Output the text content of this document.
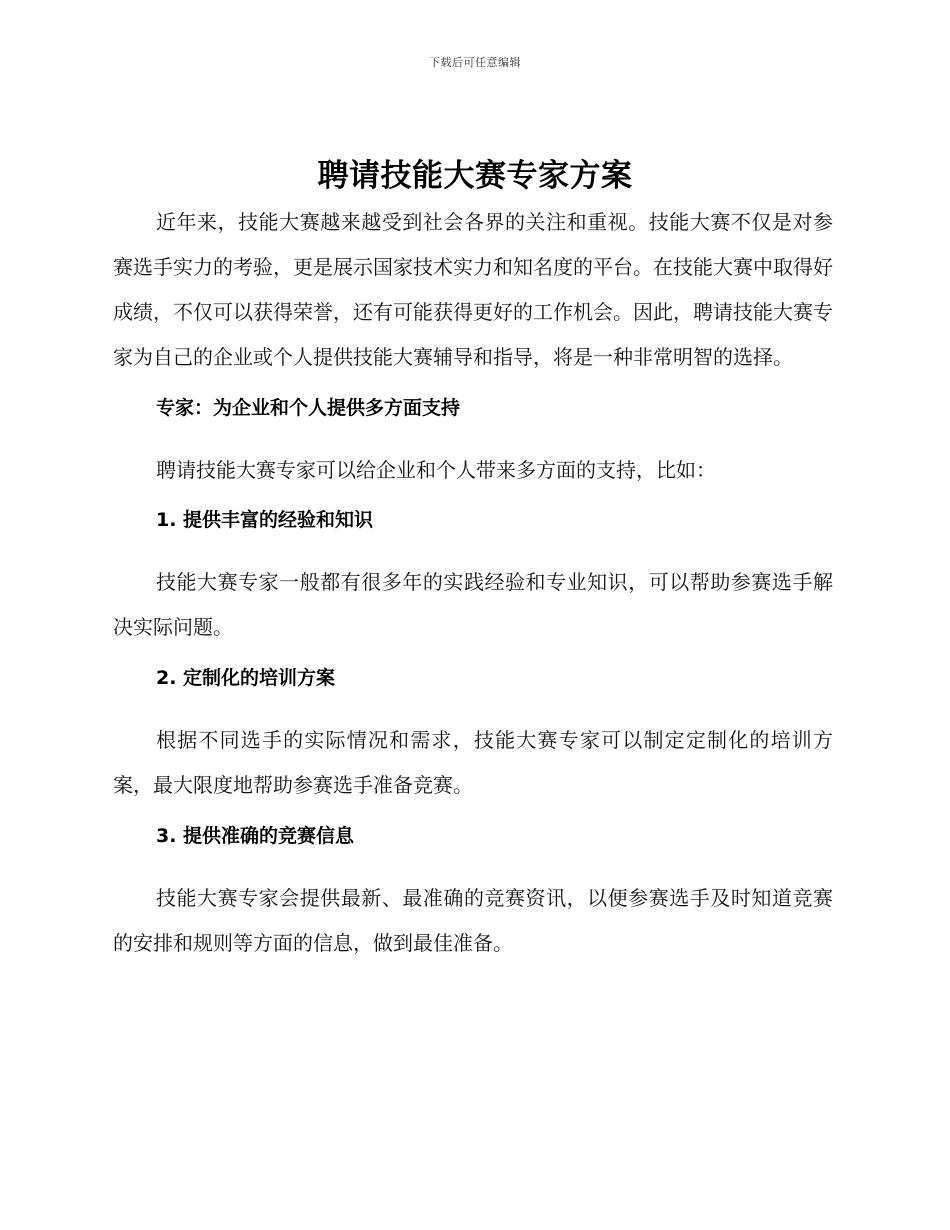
下载后可任意编辑
聘请技能大赛专家方案

近年来，技能大赛越来越受到社会各界的关注和重视。技能大赛不仅是对参赛选手实力的考验，更是展示国家技术实力和知名度的平台。在技能大赛中取得好成绩，不仅可以获得荣誉，还有可能获得更好的工作机会。因此，聘请技能大赛专家为自己的企业或个人提供技能大赛辅导和指导，将是一种非常明智的选择。

专家：为企业和个人提供多方面支持

聘请技能大赛专家可以给企业和个人带来多方面的支持，比如：

1. 提供丰富的经验和知识

技能大赛专家一般都有很多年的实践经验和专业知识，可以帮助参赛选手解决实际问题。

2. 定制化的培训方案

根据不同选手的实际情况和需求，技能大赛专家可以制定定制化的培训方案，最大限度地帮助参赛选手准备竞赛。

3. 提供准确的竞赛信息

技能大赛专家会提供最新、最准确的竞赛资讯，以便参赛选手及时知道竞赛的安排和规则等方面的信息，做到最佳准备。
